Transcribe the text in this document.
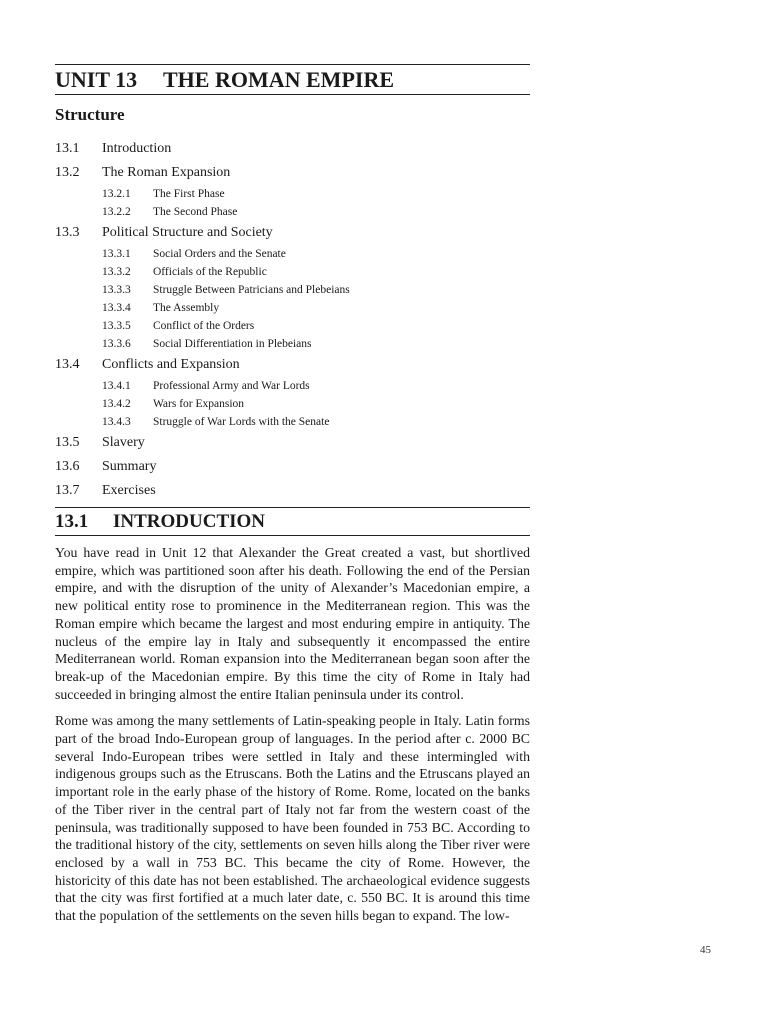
UNIT 13 THE ROMAN EMPIRE
Structure
13.1	Introduction
13.2	The Roman Expansion
13.2.1	The First Phase
13.2.2	The Second Phase
13.3	Political Structure and Society
13.3.1	Social Orders and the Senate
13.3.2	Officials of the Republic
13.3.3	Struggle Between Patricians and Plebeians
13.3.4	The Assembly
13.3.5	Conflict of the Orders
13.3.6	Social Differentiation in Plebeians
13.4	Conflicts and Expansion
13.4.1	Professional Army and War Lords
13.4.2	Wars for Expansion
13.4.3	Struggle of War Lords with the Senate
13.5	Slavery
13.6	Summary
13.7	Exercises
13.1 INTRODUCTION

You have read in Unit 12 that Alexander the Great created a vast, but shortlived empire, which was partitioned soon after his death. Following the end of the Persian empire, and with the disruption of the unity of Alexander’s Macedonian empire, a new political entity rose to prominence in the Mediterranean region. This was the Roman empire which became the largest and most enduring empire in antiquity. The nucleus of the empire lay in Italy and subsequently it encompassed the entire Mediterranean world. Roman expansion into the Mediterranean began soon after the break-up of the Macedonian empire. By this time the city of Rome in Italy had succeeded in bringing almost the entire Italian peninsula under its control.

Rome was among the many settlements of Latin-speaking people in Italy. Latin forms part of the broad Indo-European group of languages. In the period after c. 2000 BC several Indo-European tribes were settled in Italy and these intermingled with indigenous groups such as the Etruscans. Both the Latins and the Etruscans played an important role in the early phase of the history of Rome. Rome, located on the banks of the Tiber river in the central part of Italy not far from the western coast of the peninsula, was traditionally supposed to have been founded in 753 BC. According to the traditional history of the city, settlements on seven hills along the Tiber river were enclosed by a wall in 753 BC. This became the city of Rome. However, the historicity of this date has not been established. The archaeological evidence suggests that the city was first fortified at a much later date, c. 550 BC. It is around this time that the population of the settlements on the seven hills began to expand. The low-

45
